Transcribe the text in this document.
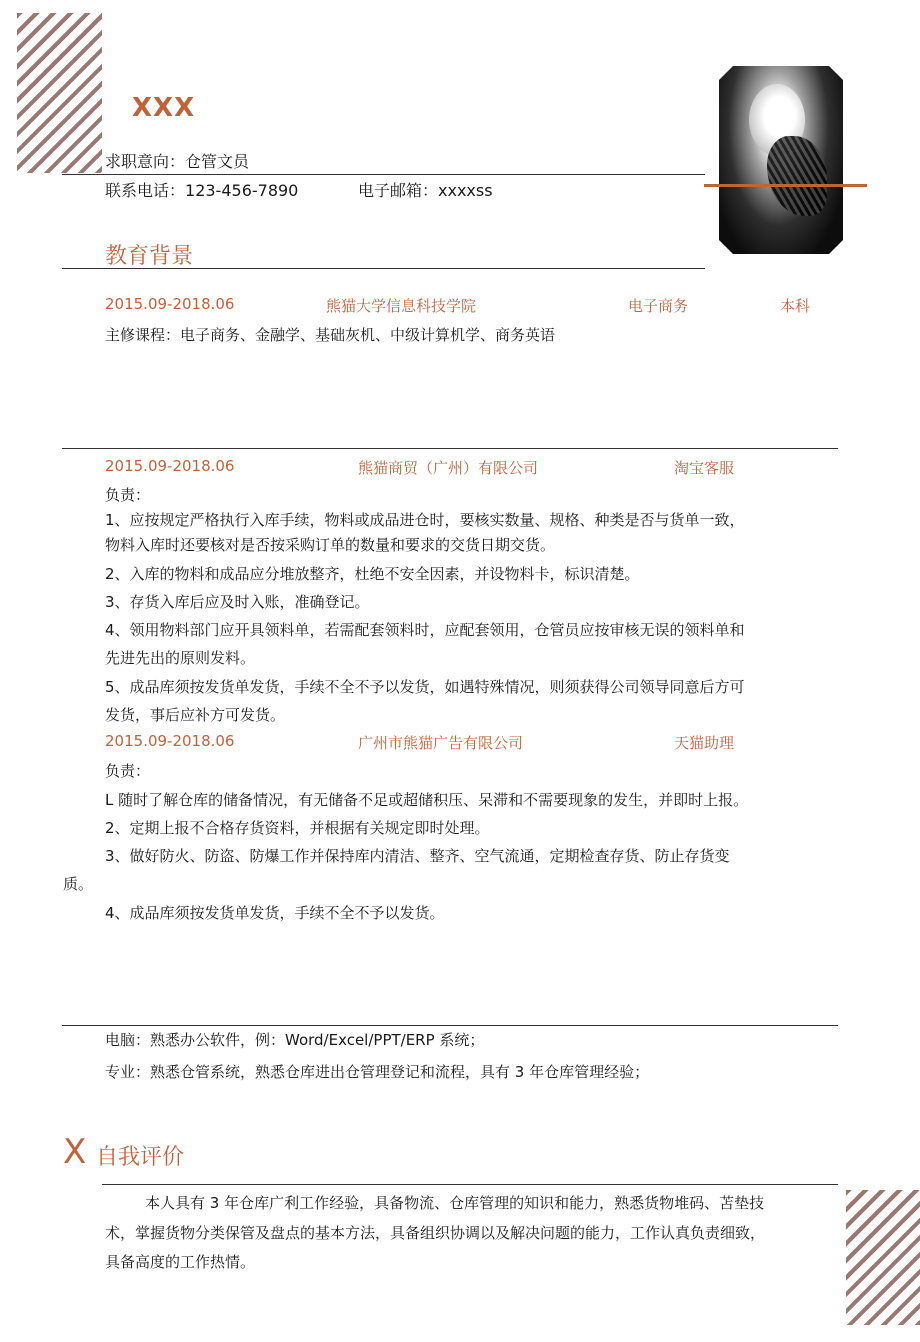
XXX
求职意向：仓管文员
联系电话：123-456-7890	电子邮箱：xxxxss
教育背景
2015.09-2018.06	熊猫大学信息科技学院	电子商务	本科
主修课程：电子商务、金融学、基础灰机、中级计算机学、商务英语
2015.09-2018.06	熊猫商贸（广州）有限公司	淘宝客服
负责：
1、应按规定严格执行入库手续，物料或成品进仓时，要核实数量、规格、种类是否与货单一致，
物料入库时还要核对是否按采购订单的数量和要求的交货日期交货。
2、入库的物料和成品应分堆放整齐，杜绝不安全因素，并设物料卡，标识清楚。
3、存货入库后应及时入账，准确登记。
4、领用物料部门应开具领料单，若需配套领料时，应配套领用，仓管员应按审核无误的领料单和
先进先出的原则发料。
5、成品库须按发货单发货，手续不全不予以发货，如遇特殊情况，则须获得公司领导同意后方可
发货，事后应补方可发货。
2015.09-2018.06	广州市熊猫广告有限公司	天猫助理
负责：
L 随时了解仓库的储备情况，有无储备不足或超储积压、呆滞和不需要现象的发生，并即时上报。
2、定期上报不合格存货资料，并根据有关规定即时处理。
3、做好防火、防盗、防爆工作并保持库内清洁、整齐、空气流通，定期检查存货、防止存货变
质。
4、成品库须按发货单发货，手续不全不予以发货。
电脑：熟悉办公软件，例：Word/Excel/PPT/ERP 系统；
专业：熟悉仓管系统，熟悉仓库进出仓管理登记和流程，具有 3 年仓库管理经验；
X 自我评价
本人具有 3 年仓库广利工作经验，具备物流、仓库管理的知识和能力，熟悉货物堆码、苫垫技
术，掌握货物分类保管及盘点的基本方法，具备组织协调以及解决问题的能力，工作认真负责细致，
具备高度的工作热情。
